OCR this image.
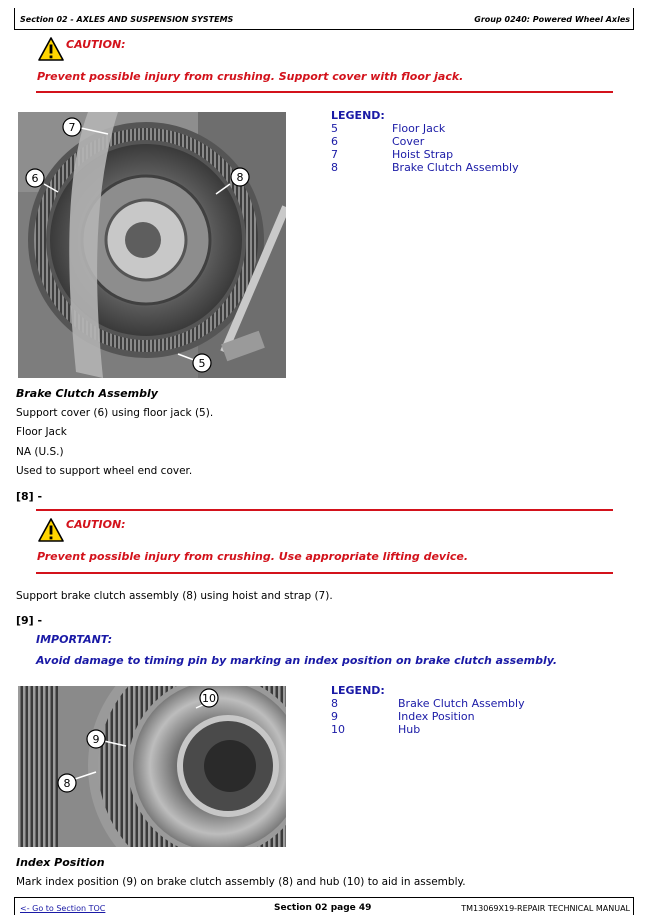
Section 02 - AXLES AND SUSPENSION SYSTEMS	Group 0240: Powered Wheel Axles
CAUTION:
Prevent possible injury from crushing. Support cover with floor jack.
7
6	8
5
LEGEND:
5	Floor Jack
6	Cover
7	Hoist Strap
8	Brake Clutch Assembly
Brake Clutch Assembly
Support cover (6) using floor jack (5).
Floor Jack
NA (U.S.)
Used to support wheel end cover.
[8] -
CAUTION:
Prevent possible injury from crushing. Use appropriate lifting device.
Support brake clutch assembly (8) using hoist and strap (7).
[9] -
IMPORTANT:
Avoid damage to timing pin by marking an index position on brake clutch assembly.
10
9
8
LEGEND:
8	Brake Clutch Assembly
9	Index Position
10	Hub
Index Position
Mark index position (9) on brake clutch assembly (8) and hub (10) to aid in assembly.
<- Go to Section TOC	Section 02 page 49	TM13069X19-REPAIR TECHNICAL MANUAL
